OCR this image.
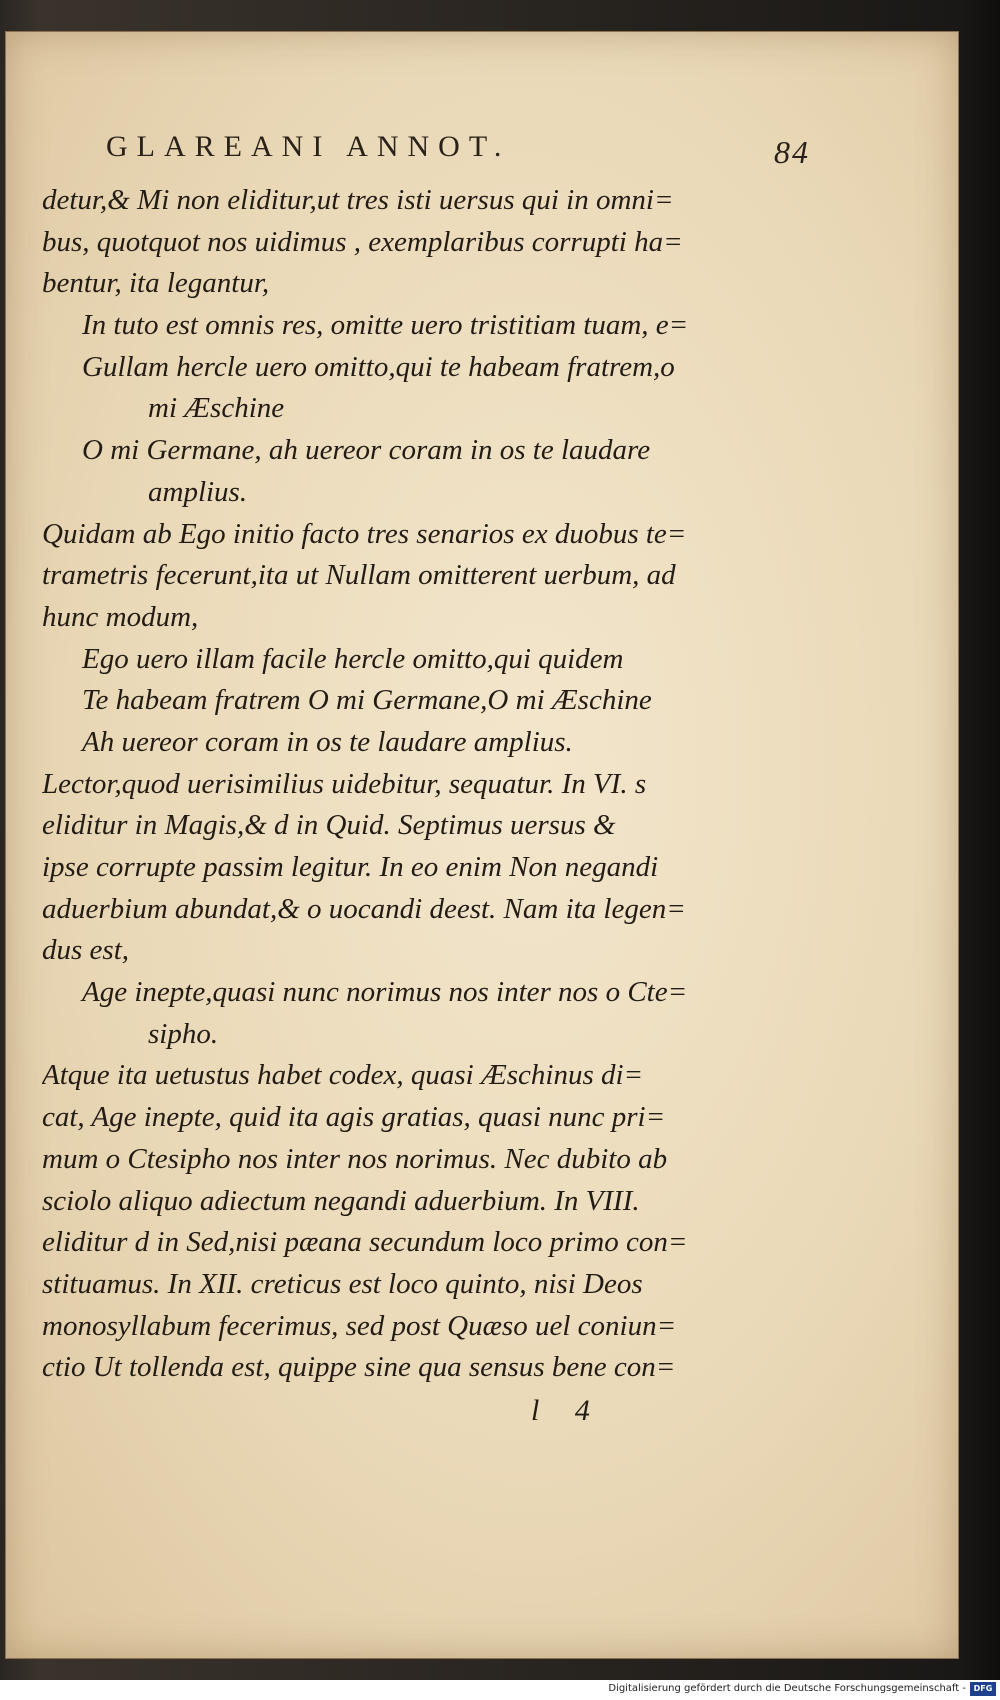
GLAREANI ANNOT.	84
detur,& Mi non eliditur,ut tres isti uersus qui in omni=
bus, quotquot nos uidimus , exemplaribus corrupti ha=
bentur, ita legantur,
In tuto est omnis res, omitte uero tristitiam tuam, e=
Gullam hercle uero omitto,qui te habeam fratrem,o
mi Æschine
O mi Germane, ah uereor coram in os te laudare
amplius.
Quidam ab Ego initio facto tres senarios ex duobus te=
trametris fecerunt,ita ut Nullam omitterent uerbum, ad
hunc modum,
Ego uero illam facile hercle omitto,qui quidem
Te habeam fratrem O mi Germane,O mi Æschine
Ah uereor coram in os te laudare amplius.
Lector,quod uerisimilius uidebitur, sequatur. In VI. s
eliditur in Magis,& d in Quid. Septimus uersus &
ipse corrupte passim legitur. In eo enim Non negandi
aduerbium abundat,& o uocandi deest. Nam ita legen=
dus est,
Age inepte,quasi nunc norimus nos inter nos o Cte=
sipho.
Atque ita uetustus habet codex, quasi Æschinus di=
cat, Age inepte, quid ita agis gratias, quasi nunc pri=
mum o Ctesipho nos inter nos norimus. Nec dubito ab
sciolo aliquo adiectum negandi aduerbium. In VIII.
eliditur d in Sed,nisi pæana secundum loco primo con=
stituamus. In XII. creticus est loco quinto, nisi Deos
monosyllabum fecerimus, sed post Quæso uel coniun=
ctio Ut tollenda est, quippe sine qua sensus bene con=
l 4
Digitalisierung gefördert durch die Deutsche Forschungsgemeinschaft - DFG
